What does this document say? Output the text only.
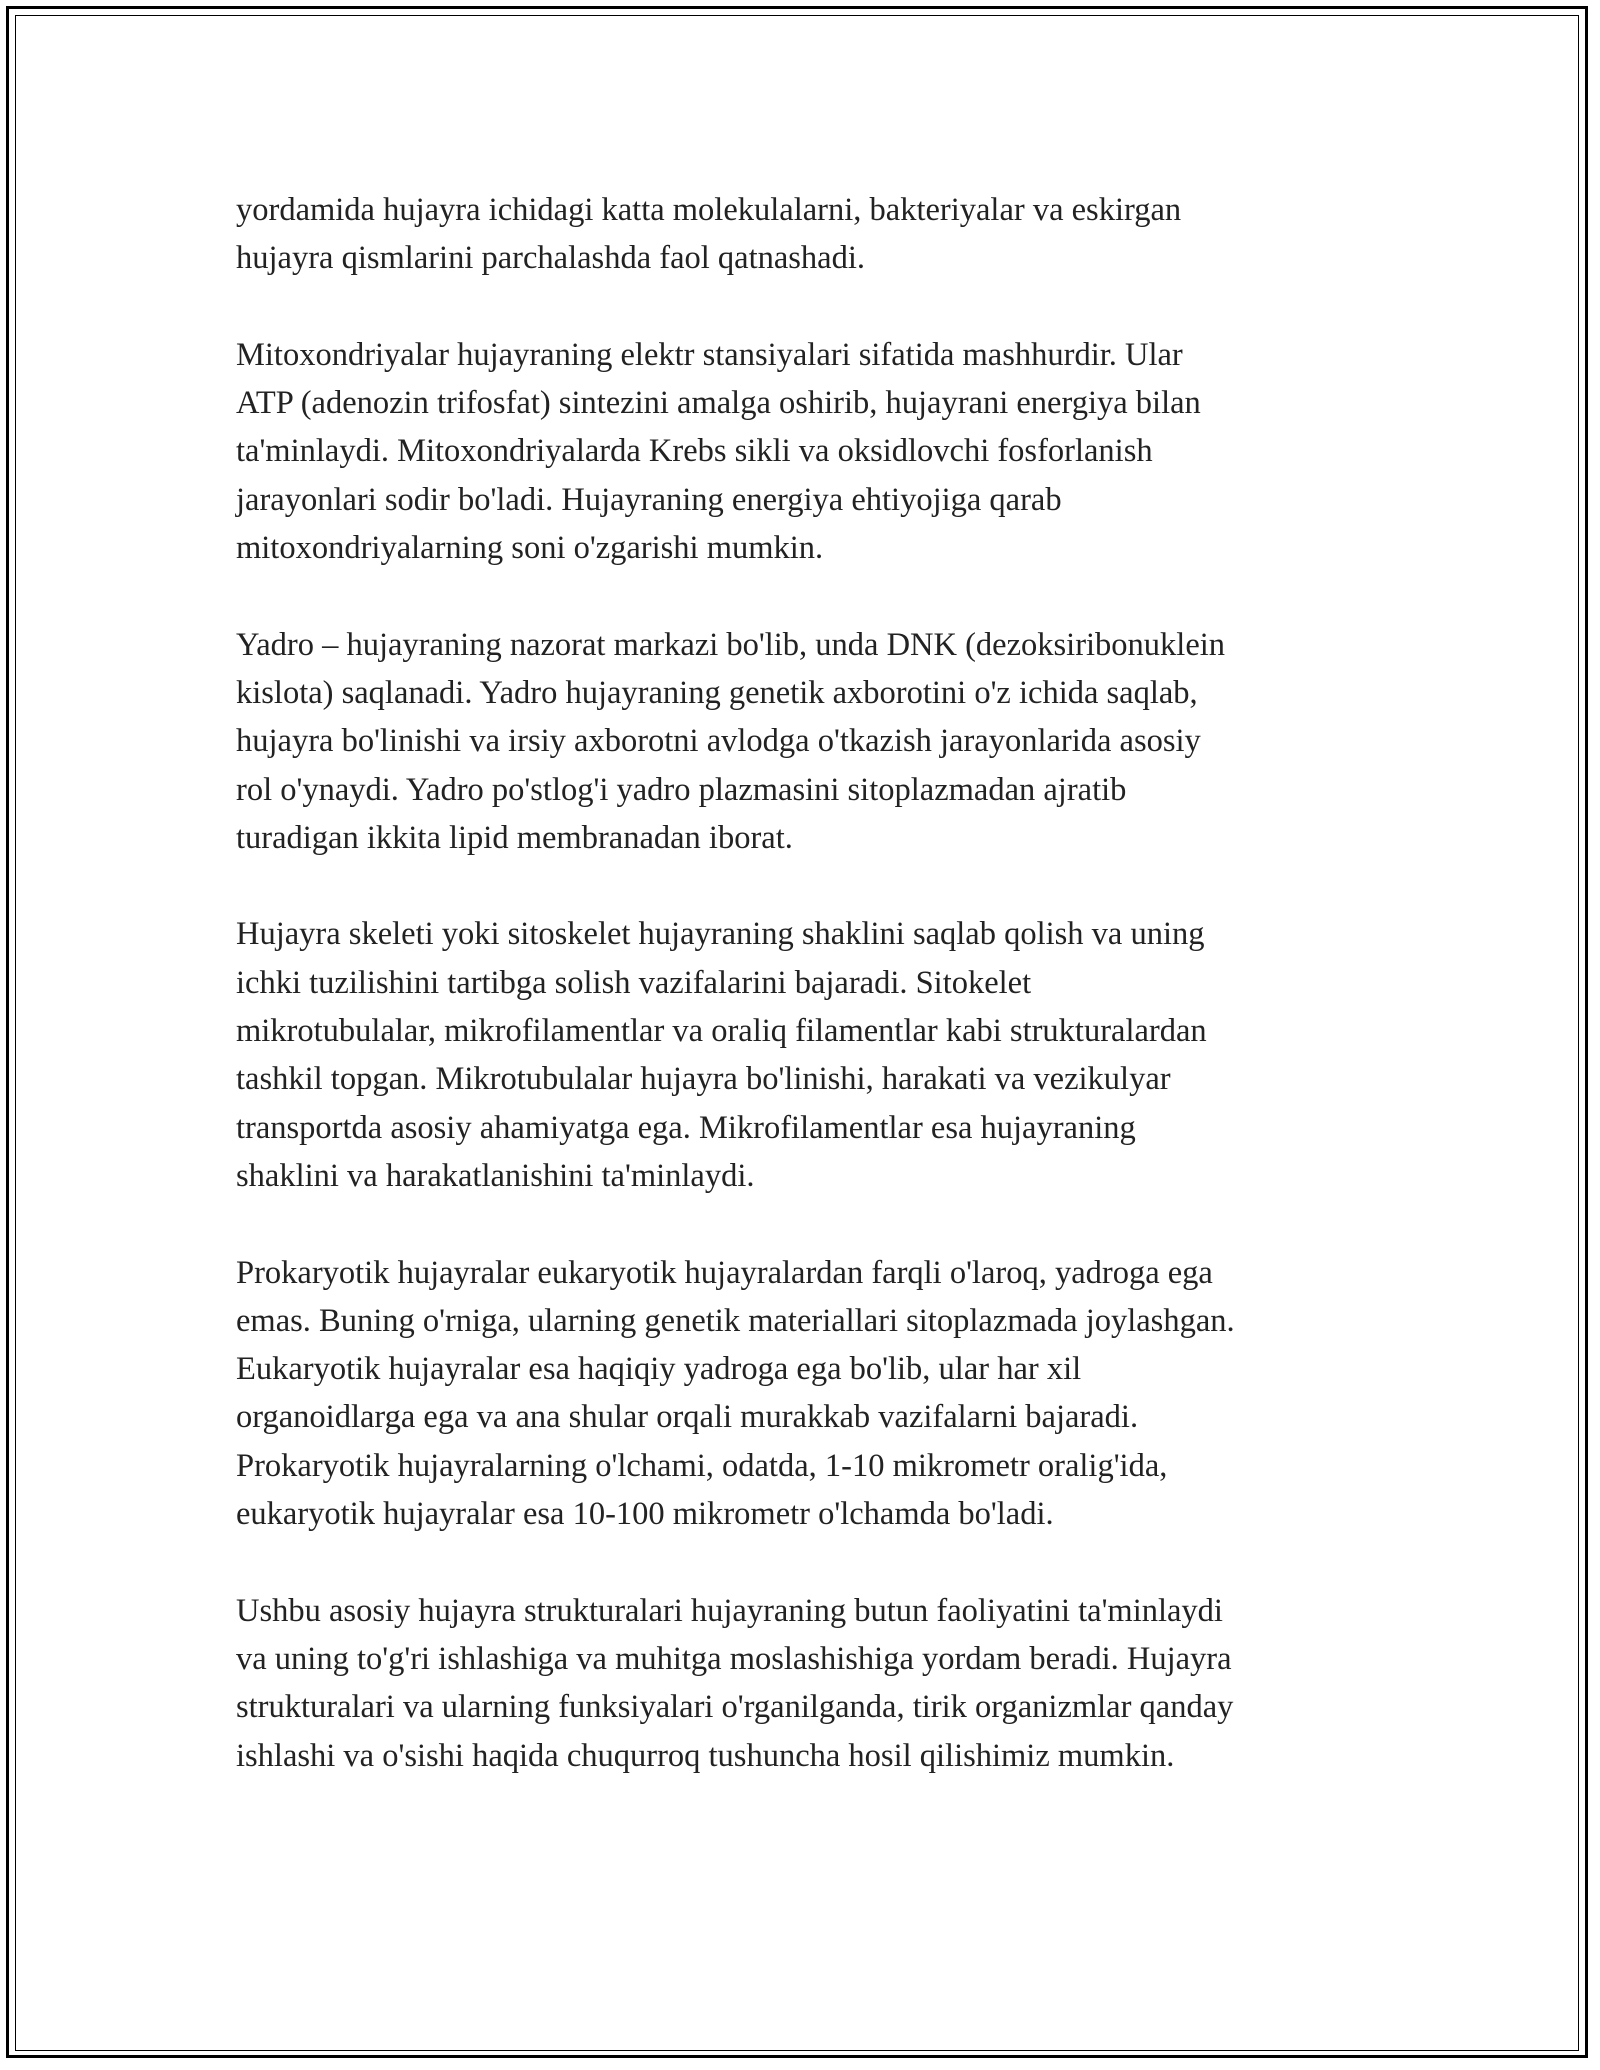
yordamida hujayra ichidagi katta molekulalarni, bakteriyalar va eskirgan
hujayra qismlarini parchalashda faol qatnashadi.

Mitoxondriyalar hujayraning elektr stansiyalari sifatida mashhurdir. Ular
ATP (adenozin trifosfat) sintezini amalga oshirib, hujayrani energiya bilan
ta'minlaydi. Mitoxondriyalarda Krebs sikli va oksidlovchi fosforlanish
jarayonlari sodir bo'ladi. Hujayraning energiya ehtiyojiga qarab
mitoxondriyalarning soni o'zgarishi mumkin.

Yadro – hujayraning nazorat markazi bo'lib, unda DNK (dezoksiribonuklein
kislota) saqlanadi. Yadro hujayraning genetik axborotini o'z ichida saqlab,
hujayra bo'linishi va irsiy axborotni avlodga o'tkazish jarayonlarida asosiy
rol o'ynaydi. Yadro po'stlog'i yadro plazmasini sitoplazmadan ajratib
turadigan ikkita lipid membranadan iborat.

Hujayra skeleti yoki sitoskelet hujayraning shaklini saqlab qolish va uning
ichki tuzilishini tartibga solish vazifalarini bajaradi. Sitokelet
mikrotubulalar, mikrofilamentlar va oraliq filamentlar kabi strukturalardan
tashkil topgan. Mikrotubulalar hujayra bo'linishi, harakati va vezikulyar
transportda asosiy ahamiyatga ega. Mikrofilamentlar esa hujayraning
shaklini va harakatlanishini ta'minlaydi.

Prokaryotik hujayralar eukaryotik hujayralardan farqli o'laroq, yadroga ega
emas. Buning o'rniga, ularning genetik materiallari sitoplazmada joylashgan.
Eukaryotik hujayralar esa haqiqiy yadroga ega bo'lib, ular har xil
organoidlarga ega va ana shular orqali murakkab vazifalarni bajaradi.
Prokaryotik hujayralarning o'lchami, odatda, 1-10 mikrometr oralig'ida,
eukaryotik hujayralar esa 10-100 mikrometr o'lchamda bo'ladi.

Ushbu asosiy hujayra strukturalari hujayraning butun faoliyatini ta'minlaydi
va uning to'g'ri ishlashiga va muhitga moslashishiga yordam beradi. Hujayra
strukturalari va ularning funksiyalari o'rganilganda, tirik organizmlar qanday
ishlashi va o'sishi haqida chuqurroq tushuncha hosil qilishimiz mumkin.
